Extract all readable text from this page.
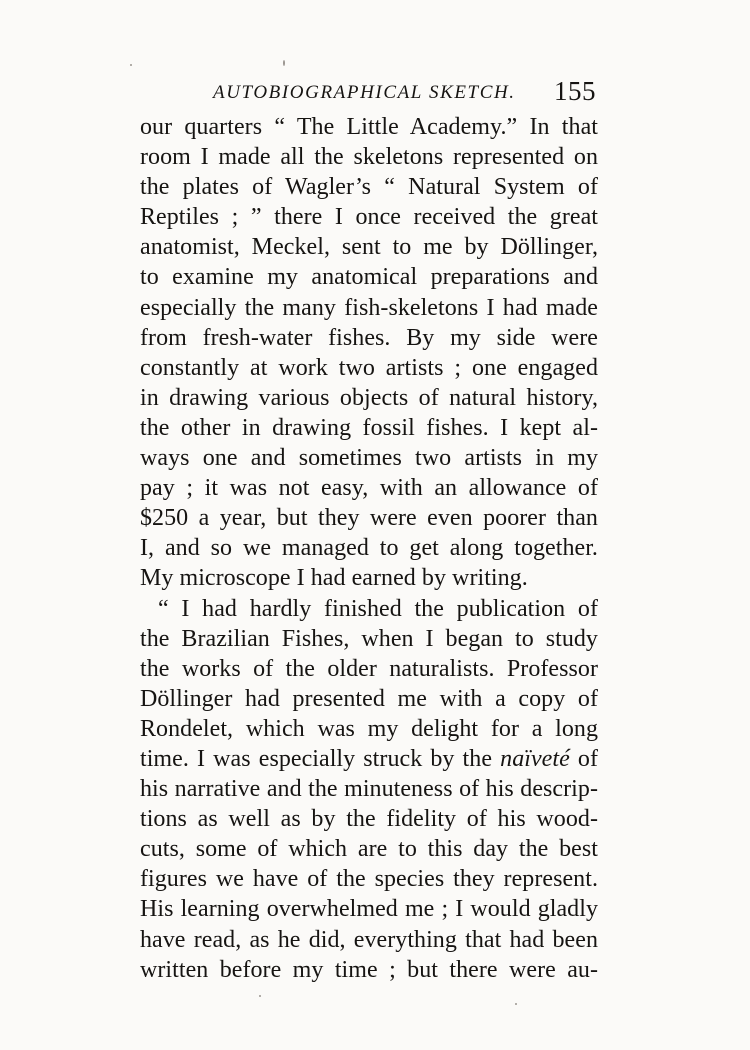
AUTOBIOGRAPHICAL SKETCH. 155
our quarters “ The Little Academy.” In that
room I made all the skeletons represented on
the plates of Wagler’s “ Natural System of
Reptiles ; ” there I once received the great
anatomist, Meckel, sent to me by Döllinger,
to examine my anatomical preparations and
especially the many fish-skeletons I had made
from fresh-water fishes. By my side were
constantly at work two artists ; one engaged
in drawing various objects of natural history,
the other in drawing fossil fishes. I kept al-
ways one and sometimes two artists in my
pay ; it was not easy, with an allowance of
$250 a year, but they were even poorer than
I, and so we managed to get along together.
My microscope I had earned by writing.
“ I had hardly finished the publication of
the Brazilian Fishes, when I began to study
the works of the older naturalists. Professor
Döllinger had presented me with a copy of
Rondelet, which was my delight for a long
time. I was especially struck by the naïveté of
his narrative and the minuteness of his descrip-
tions as well as by the fidelity of his wood-
cuts, some of which are to this day the best
figures we have of the species they represent.
His learning overwhelmed me ; I would gladly
have read, as he did, everything that had been
written before my time ; but there were au-
